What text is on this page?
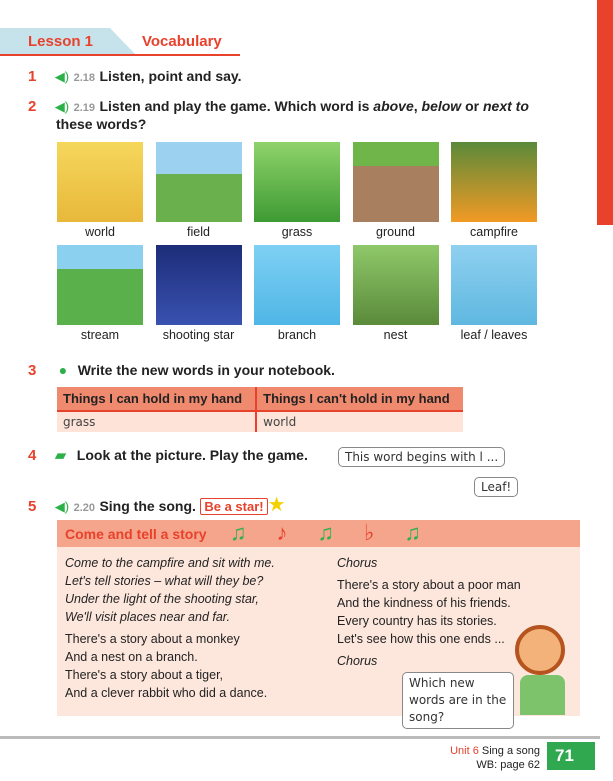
Lesson 1	Vocabulary
1 ◀) 2.18 Listen, point and say.
2 ◀) 2.19 Listen and play the game. Which word is above, below or next to
these words?
world	field	grass	ground	campfire
stream	shooting star	branch	nest	leaf / leaves
3 ● Write the new words in your notebook.
Things I can hold in my hand	Things I can't hold in my hand
grass	world
4 ▰ Look at the picture. Play the game.	This word begins with l ...
Leaf!
5 ◀) 2.20 Sing the song. Be a star! ★
Come and tell a story ♫♪♫♭♫
Come to the campfire and sit with me.
Let's tell stories – what will they be?
Under the light of the shooting star,
We'll visit places near and far.
There's a story about a monkey
And a nest on a branch.
There's a story about a tiger,
And a clever rabbit who did a dance.
Chorus
There's a story about a poor man
And the kindness of his friends.
Every country has its stories.
Let's see how this one ends ...
Chorus
Which new words are in the song?
Unit 6 Sing a song
WB: page 62 71
